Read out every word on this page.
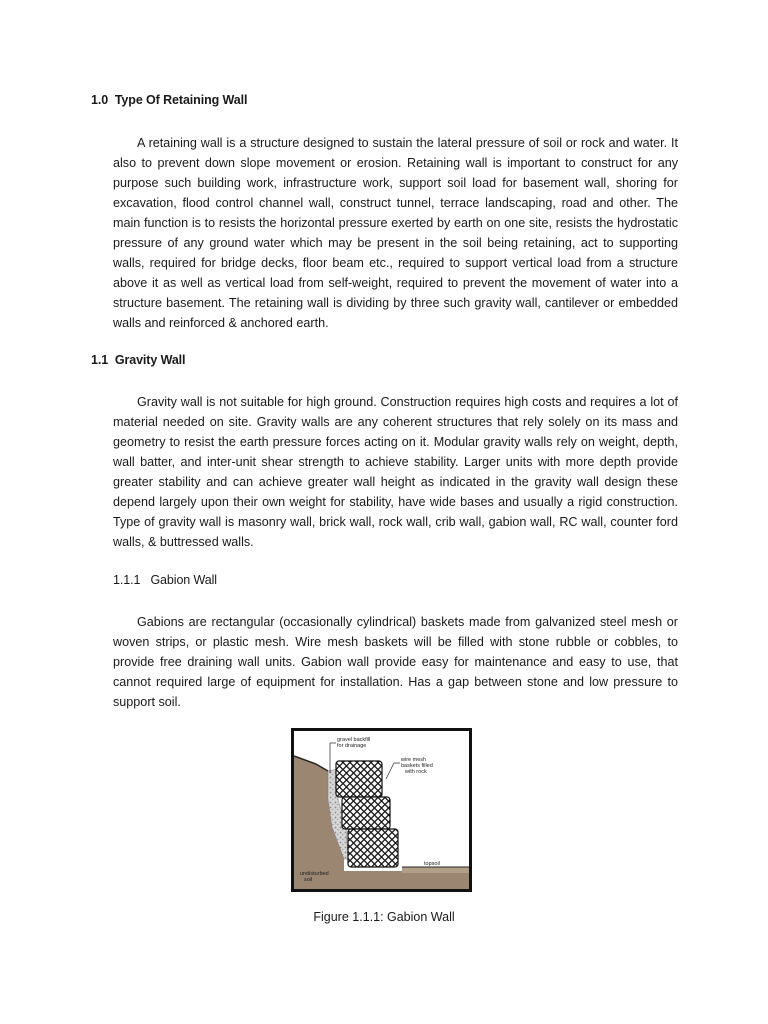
1.0 Type Of Retaining Wall

A retaining wall is a structure designed to sustain the lateral pressure of soil or rock and water. It also to prevent down slope movement or erosion. Retaining wall is important to construct for any purpose such building work, infrastructure work, support soil load for basement wall, shoring for excavation, flood control channel wall, construct tunnel, terrace landscaping, road and other. The main function is to resists the horizontal pressure exerted by earth on one site, resists the hydrostatic pressure of any ground water which may be present in the soil being retaining, act to supporting walls, required for bridge decks, floor beam etc., required to support vertical load from a structure above it as well as vertical load from self-weight, required to prevent the movement of water into a structure basement. The retaining wall is dividing by three such gravity wall, cantilever or embedded walls and reinforced & anchored earth.

1.1 Gravity Wall

Gravity wall is not suitable for high ground. Construction requires high costs and requires a lot of material needed on site. Gravity walls are any coherent structures that rely solely on its mass and geometry to resist the earth pressure forces acting on it. Modular gravity walls rely on weight, depth, wall batter, and inter-unit shear strength to achieve stability. Larger units with more depth provide greater stability and can achieve greater wall height as indicated in the gravity wall design these depend largely upon their own weight for stability, have wide bases and usually a rigid construction. Type of gravity wall is masonry wall, brick wall, rock wall, crib wall, gabion wall, RC wall, counter ford walls, & buttressed walls.

1.1.1 Gabion Wall

Gabions are rectangular (occasionally cylindrical) baskets made from galvanized steel mesh or woven strips, or plastic mesh. Wire mesh baskets will be filled with stone rubble or cobbles, to provide free draining wall units. Gabion wall provide easy for maintenance and easy to use, that cannot required large of equipment for installation. Has a gap between stone and low pressure to support soil.

gravel backfill
for drainage
wire mesh
baskets filled
with rock
topsoil
undisturbed
soil
Figure 1.1.1: Gabion Wall
